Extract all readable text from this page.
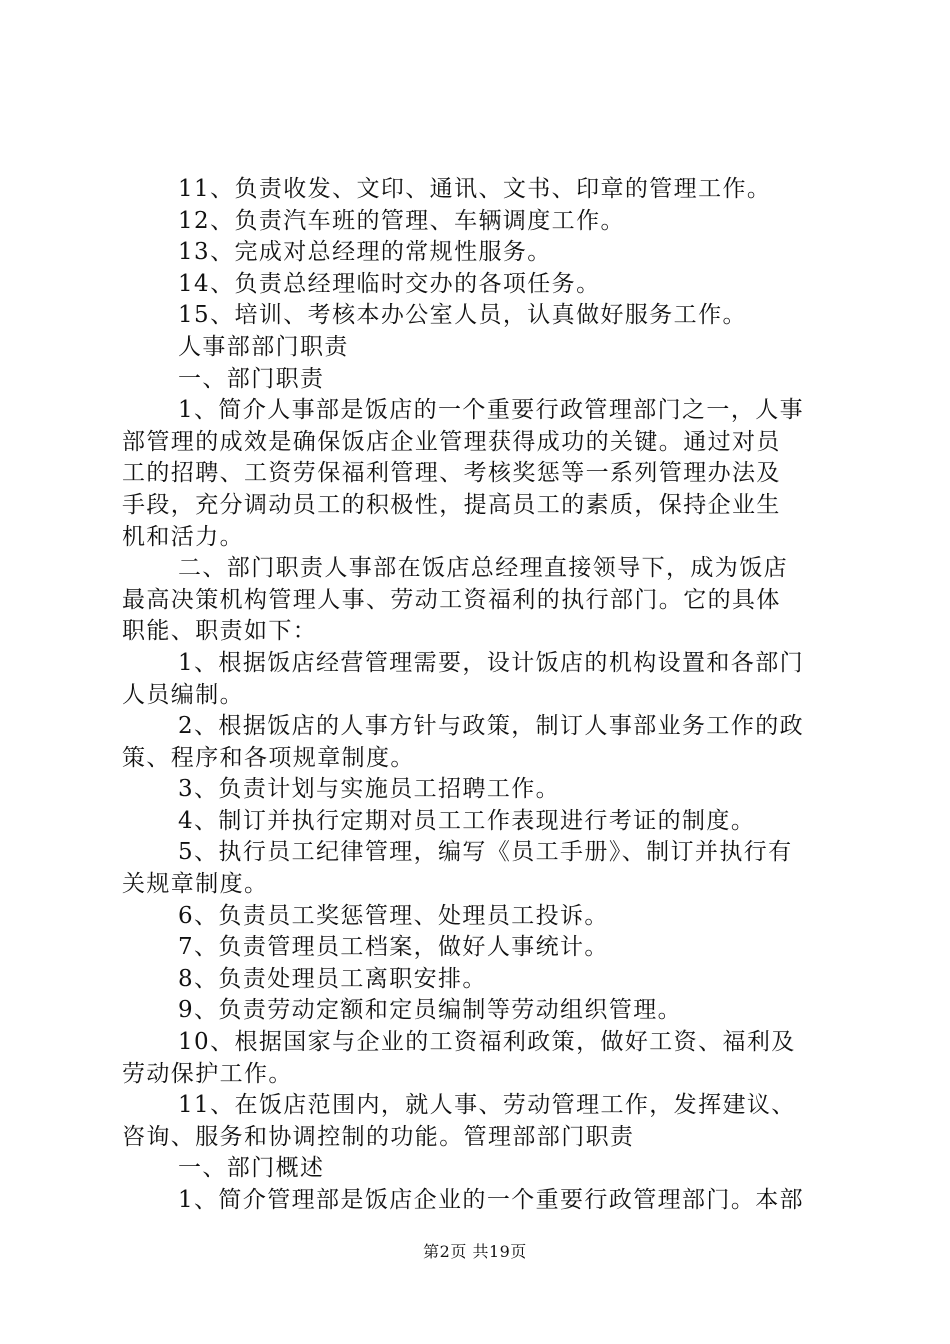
11、负责收发、文印、通讯、文书、印章的管理工作。
12、负责汽车班的管理、车辆调度工作。
13、完成对总经理的常规性服务。
14、负责总经理临时交办的各项任务。
15、培训、考核本办公室人员，认真做好服务工作。
人事部部门职责
一、部门职责
1、简介人事部是饭店的一个重要行政管理部门之一，人事
部管理的成效是确保饭店企业管理获得成功的关键。通过对员
工的招聘、工资劳保福利管理、考核奖惩等一系列管理办法及
手段，充分调动员工的积极性，提高员工的素质，保持企业生
机和活力。
二、部门职责人事部在饭店总经理直接领导下，成为饭店
最高决策机构管理人事、劳动工资福利的执行部门。它的具体
职能、职责如下：
1、根据饭店经营管理需要，设计饭店的机构设置和各部门
人员编制。
2、根据饭店的人事方针与政策，制订人事部业务工作的政
策、程序和各项规章制度。
3、负责计划与实施员工招聘工作。
4、制订并执行定期对员工工作表现进行考证的制度。
5、执行员工纪律管理，编写《员工手册》、制订并执行有
关规章制度。
6、负责员工奖惩管理、处理员工投诉。
7、负责管理员工档案，做好人事统计。
8、负责处理员工离职安排。
9、负责劳动定额和定员编制等劳动组织管理。
10、根据国家与企业的工资福利政策，做好工资、福利及
劳动保护工作。
11、在饭店范围内，就人事、劳动管理工作，发挥建议、
咨询、服务和协调控制的功能。管理部部门职责
一、部门概述
1、简介管理部是饭店企业的一个重要行政管理部门。本部
第2页 共19页
